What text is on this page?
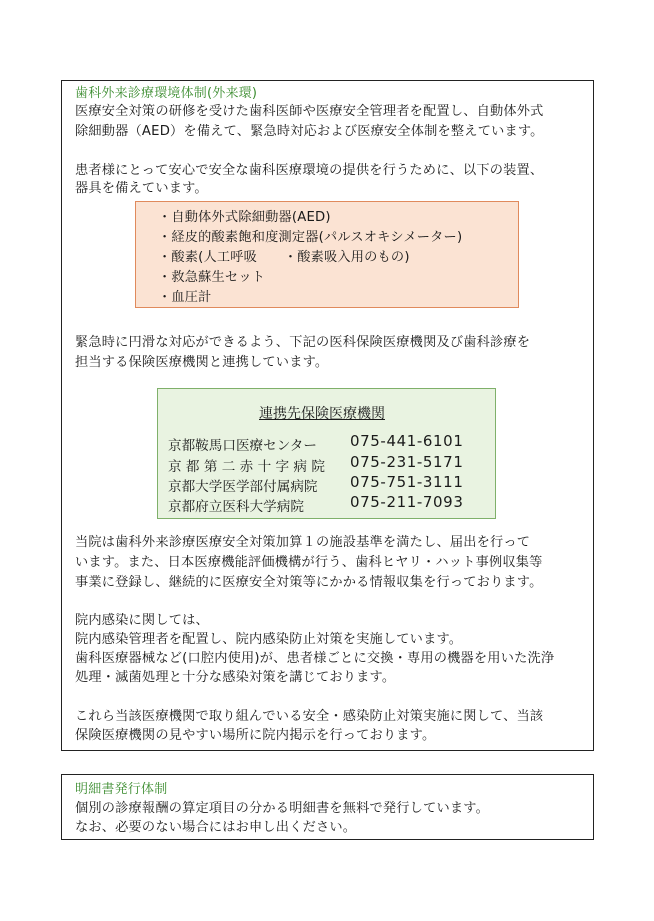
歯科外来診療環境体制(外来環)
医療安全対策の研修を受けた歯科医師や医療安全管理者を配置し、自動体外式
除細動器（AED）を備えて、緊急時対応および医療安全体制を整えています。
患者様にとって安心で安全な歯科医療環境の提供を行うために、以下の装置、
器具を備えています。
・自動体外式除細動器(AED)
・経皮的酸素飽和度測定器(パルスオキシメーター)
・酸素(人工呼吸　　・酸素吸入用のもの)
・救急蘇生セット
・血圧計
緊急時に円滑な対応ができるよう、下記の医科保険医療機関及び歯科診療を
担当する保険医療機関と連携しています。
連携先保険医療機関
京都鞍馬口医療センター 075-441-6101
京 都 第 二 赤 十 字 病 院 075-231-5171
京都大学医学部付属病院 075-751-3111
京都府立医科大学病院	075-211-7093
当院は歯科外来診療医療安全対策加算１の施設基準を満たし、届出を行って
います。また、日本医療機能評価機構が行う、歯科ヒヤリ・ハット事例収集等
事業に登録し、継続的に医療安全対策等にかかる情報収集を行っております。
院内感染に関しては、
院内感染管理者を配置し、院内感染防止対策を実施しています。
歯科医療器械など(口腔内使用)が、患者様ごとに交換・専用の機器を用いた洗浄
処理・滅菌処理と十分な感染対策を講じております。
これら当該医療機関で取り組んでいる安全・感染防止対策実施に関して、当該
保険医療機関の見やすい場所に院内掲示を行っております。
明細書発行体制
個別の診療報酬の算定項目の分かる明細書を無料で発行しています。
なお、必要のない場合にはお申し出ください。
